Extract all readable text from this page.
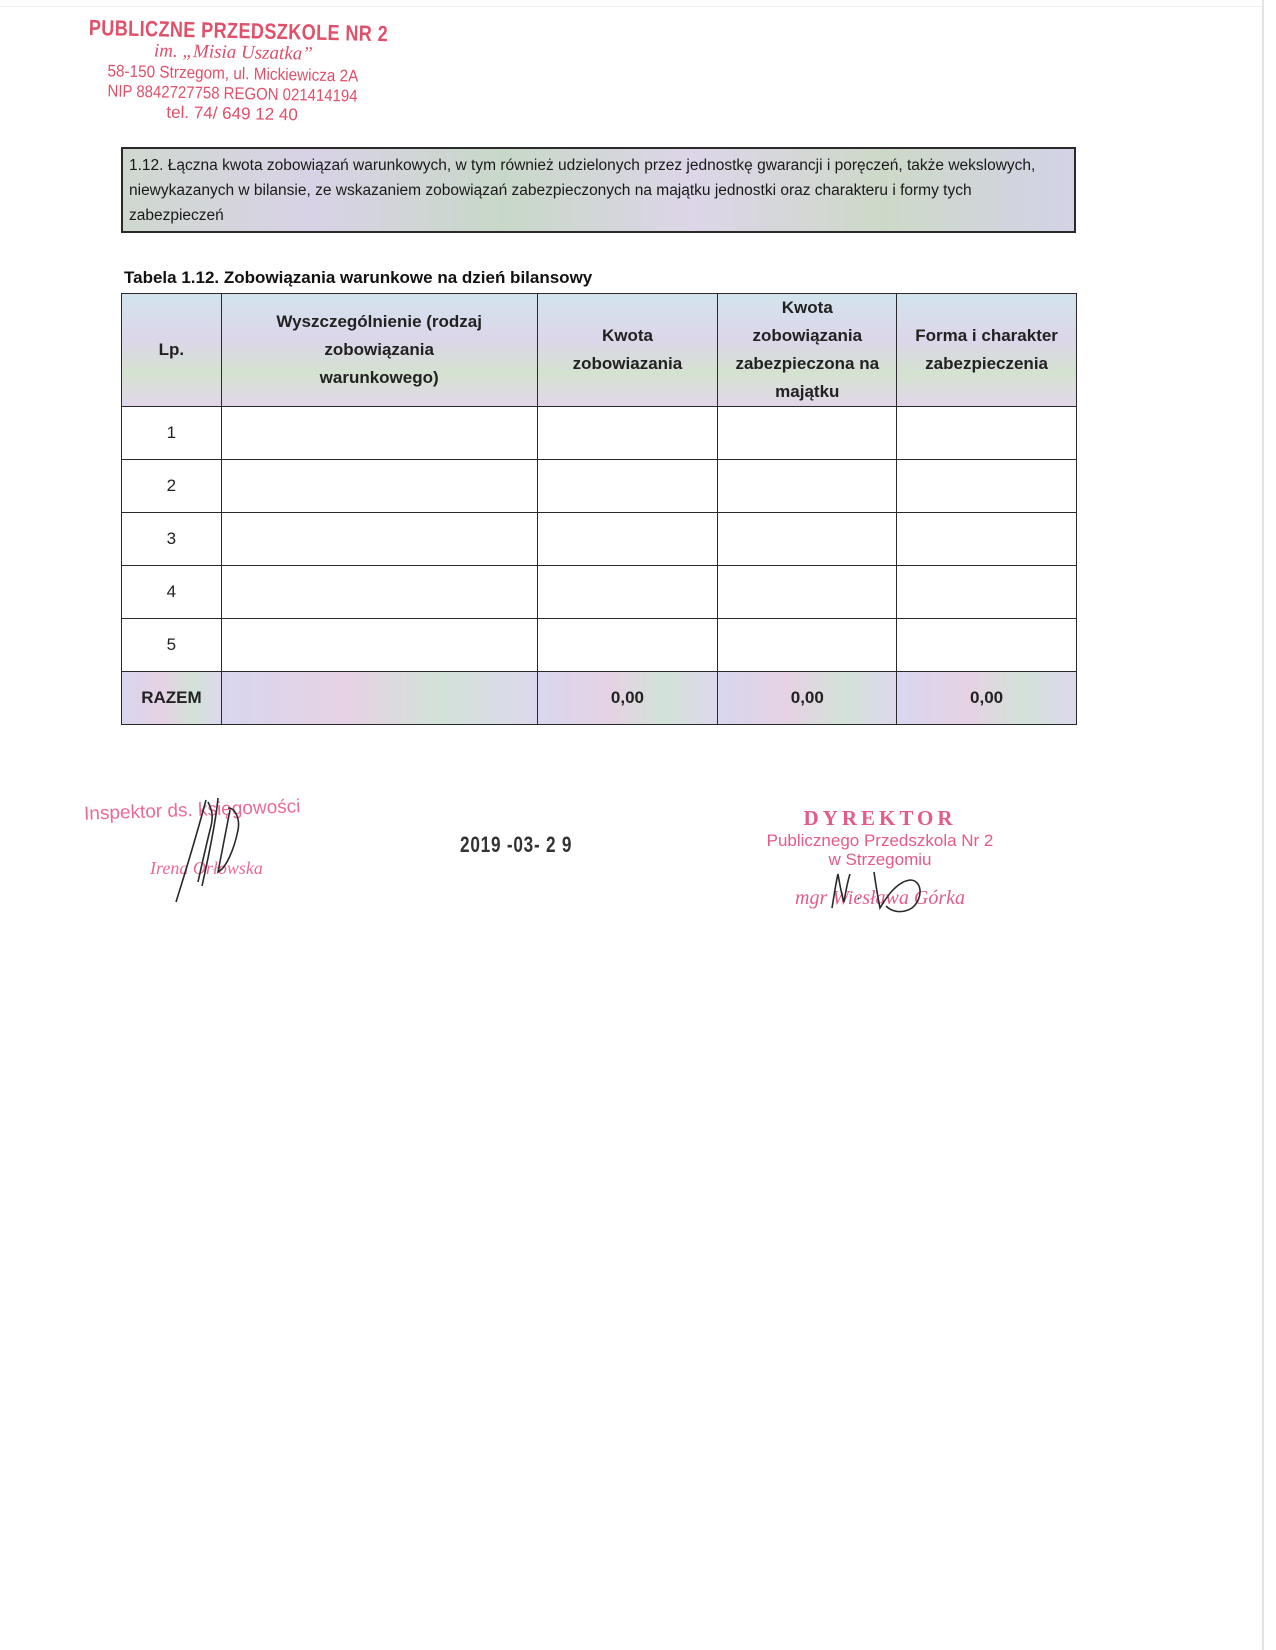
PUBLICZNE PRZEDSZKOLE NR 2
im. „Misia Uszatka”
58-150 Strzegom, ul. Mickiewicza 2A
NIP 8842727758 REGON 021414194
tel. 74/ 649 12 40
1.12. Łączna kwota zobowiązań warunkowych, w tym również udzielonych przez jednostkę gwarancji i poręczeń, także wekslowych, niewykazanych w bilansie, ze wskazaniem zobowiązań zabezpieczonych na majątku jednostki oraz charakteru i formy tych zabezpieczeń
Tabela 1.12. Zobowiązania warunkowe na dzień bilansowy
Lp.	Wyszczególnienie (rodzaj zobowiązania warunkowego)	Kwota zobowiazania	Kwota zobowiązania zabezpieczona na majątku	Forma i charakter zabezpieczenia
1				
2				
3				
4				
5				
RAZEM		0,00	0,00	0,00
Inspektor ds. księgowości
Irena Orłowska
2019 -03- 2 9
DYREKTOR
Publicznego Przedszkola Nr 2
w Strzegomiu
mgr Wiesława Górka
